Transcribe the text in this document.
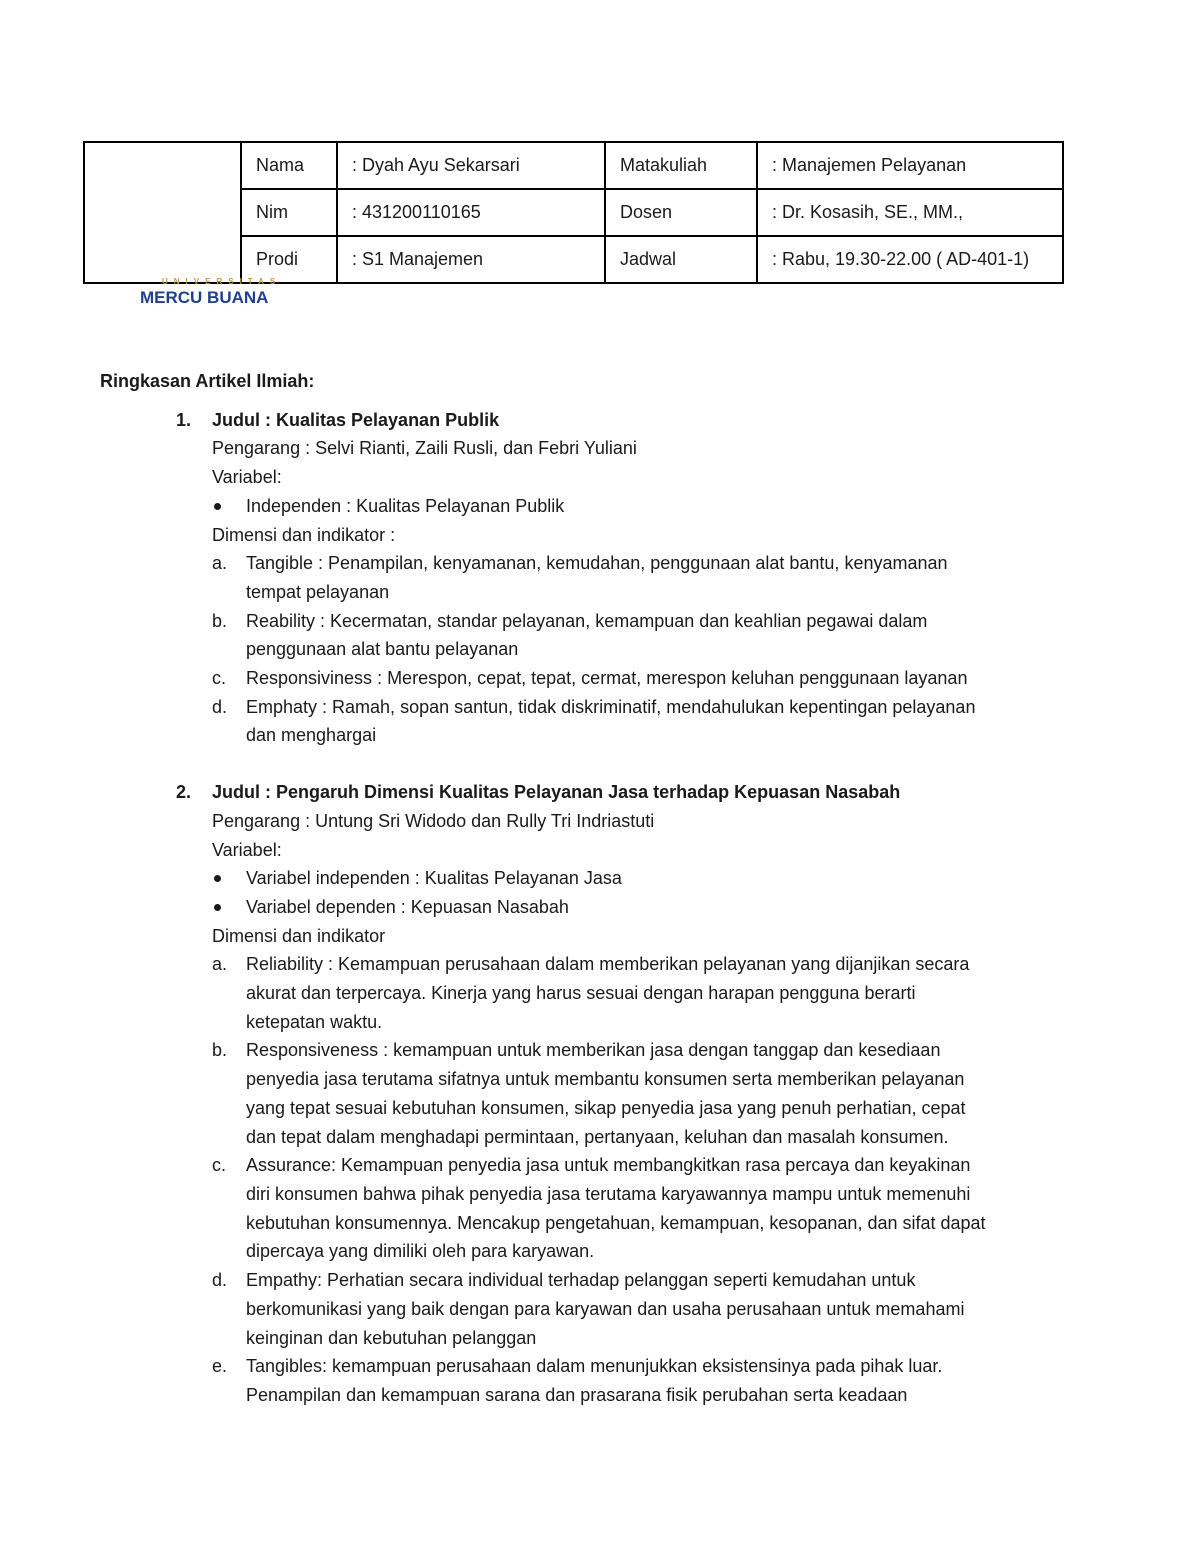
	Nama	: Dyah Ayu Sekarsari	Matakuliah	: Manajemen Pelayanan
	Nim	: 431200110165	Dosen	: Dr. Kosasih, SE., MM.,
	Prodi	: S1 Manajemen	Jadwal	: Rabu, 19.30-22.00 ( AD-401-1)
UNIVERSITAS
MERCU BUANA
Ringkasan Artikel Ilmiah:
1. Judul : Kualitas Pelayanan Publik
Pengarang : Selvi Rianti, Zaili Rusli, dan Febri Yuliani
Variabel:
Independen : Kualitas Pelayanan Publik
Dimensi dan indikator :
a. Tangible : Penampilan, kenyamanan, kemudahan, penggunaan alat bantu, kenyamanan
tempat pelayanan
b. Reability : Kecermatan, standar pelayanan, kemampuan dan keahlian pegawai dalam
penggunaan alat bantu pelayanan
c. Responsiviness : Merespon, cepat, tepat, cermat, merespon keluhan penggunaan layanan
d. Emphaty : Ramah, sopan santun, tidak diskriminatif, mendahulukan kepentingan pelayanan
dan menghargai
2. Judul : Pengaruh Dimensi Kualitas Pelayanan Jasa terhadap Kepuasan Nasabah
Pengarang : Untung Sri Widodo dan Rully Tri Indriastuti
Variabel:
Variabel independen : Kualitas Pelayanan Jasa
Variabel dependen : Kepuasan Nasabah
Dimensi dan indikator
a. Reliability : Kemampuan perusahaan dalam memberikan pelayanan yang dijanjikan secara
akurat dan terpercaya. Kinerja yang harus sesuai dengan harapan pengguna berarti
ketepatan waktu.
b. Responsiveness : kemampuan untuk memberikan jasa dengan tanggap dan kesediaan
penyedia jasa terutama sifatnya untuk membantu konsumen serta memberikan pelayanan
yang tepat sesuai kebutuhan konsumen, sikap penyedia jasa yang penuh perhatian, cepat
dan tepat dalam menghadapi permintaan, pertanyaan, keluhan dan masalah konsumen.
c. Assurance: Kemampuan penyedia jasa untuk membangkitkan rasa percaya dan keyakinan
diri konsumen bahwa pihak penyedia jasa terutama karyawannya mampu untuk memenuhi
kebutuhan konsumennya. Mencakup pengetahuan, kemampuan, kesopanan, dan sifat dapat
dipercaya yang dimiliki oleh para karyawan.
d. Empathy: Perhatian secara individual terhadap pelanggan seperti kemudahan untuk
berkomunikasi yang baik dengan para karyawan dan usaha perusahaan untuk memahami
keinginan dan kebutuhan pelanggan
e. Tangibles: kemampuan perusahaan dalam menunjukkan eksistensinya pada pihak luar.
Penampilan dan kemampuan sarana dan prasarana fisik perubahan serta keadaan
